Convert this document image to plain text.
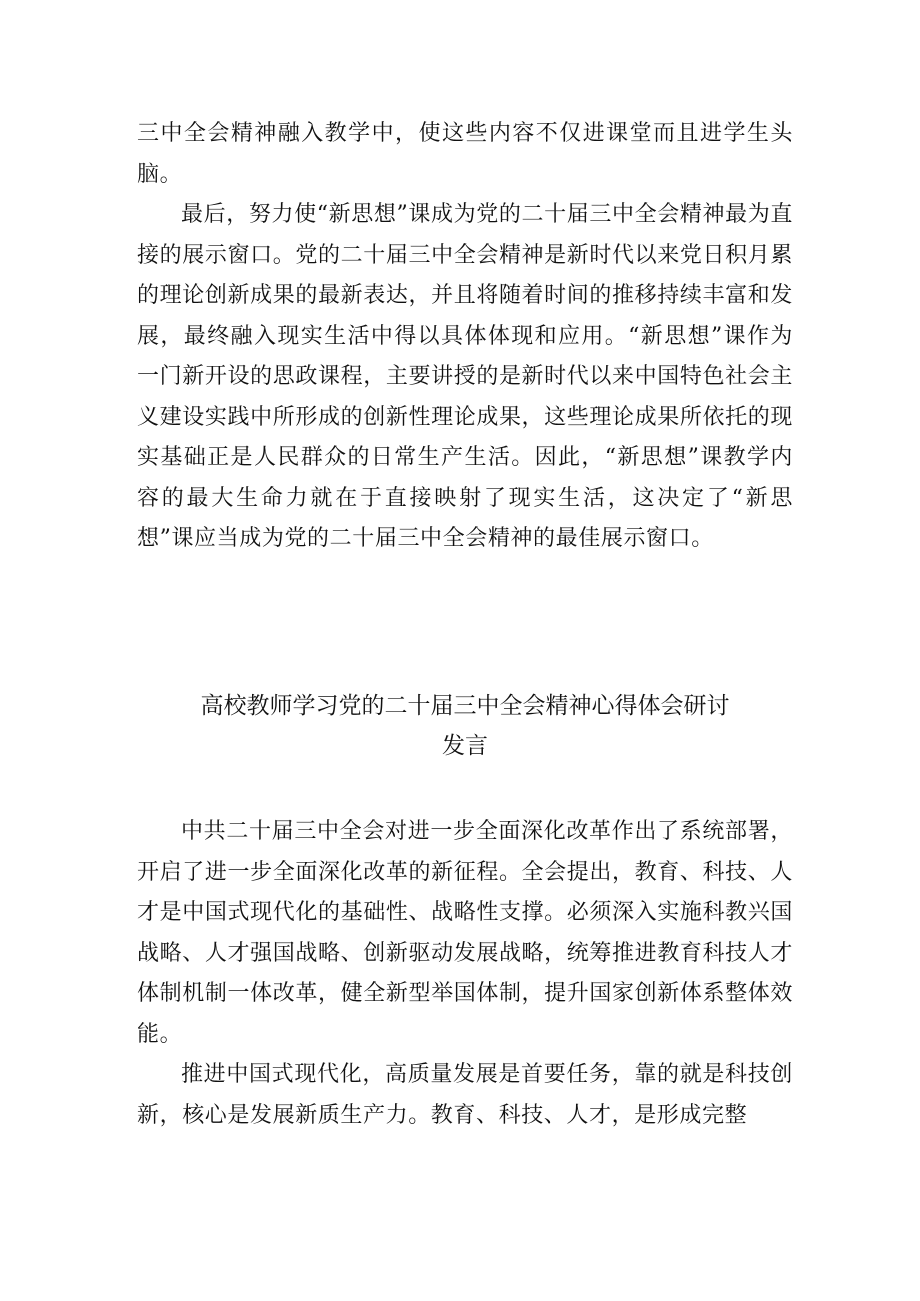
三中全会精神融入教学中，使这些内容不仅进课堂而且进学生头脑。

最后，努力使“新思想”课成为党的二十届三中全会精神最为直接的展示窗口。党的二十届三中全会精神是新时代以来党日积月累的理论创新成果的最新表达，并且将随着时间的推移持续丰富和发展，最终融入现实生活中得以具体体现和应用。“新思想”课作为一门新开设的思政课程，主要讲授的是新时代以来中国特色社会主义建设实践中所形成的创新性理论成果，这些理论成果所依托的现实基础正是人民群众的日常生产生活。因此，“新思想”课教学内容的最大生命力就在于直接映射了现实生活，这决定了“新思想”课应当成为党的二十届三中全会精神的最佳展示窗口。

高校教师学习党的二十届三中全会精神心得体会研讨
发言

中共二十届三中全会对进一步全面深化改革作出了系统部署，开启了进一步全面深化改革的新征程。全会提出，教育、科技、人才是中国式现代化的基础性、战略性支撑。必须深入实施科教兴国战略、人才强国战略、创新驱动发展战略，统筹推进教育科技人才体制机制一体改革，健全新型举国体制，提升国家创新体系整体效能。

推进中国式现代化，高质量发展是首要任务，靠的就是科技创新，核心是发展新质生产力。教育、科技、人才，是形成完整
